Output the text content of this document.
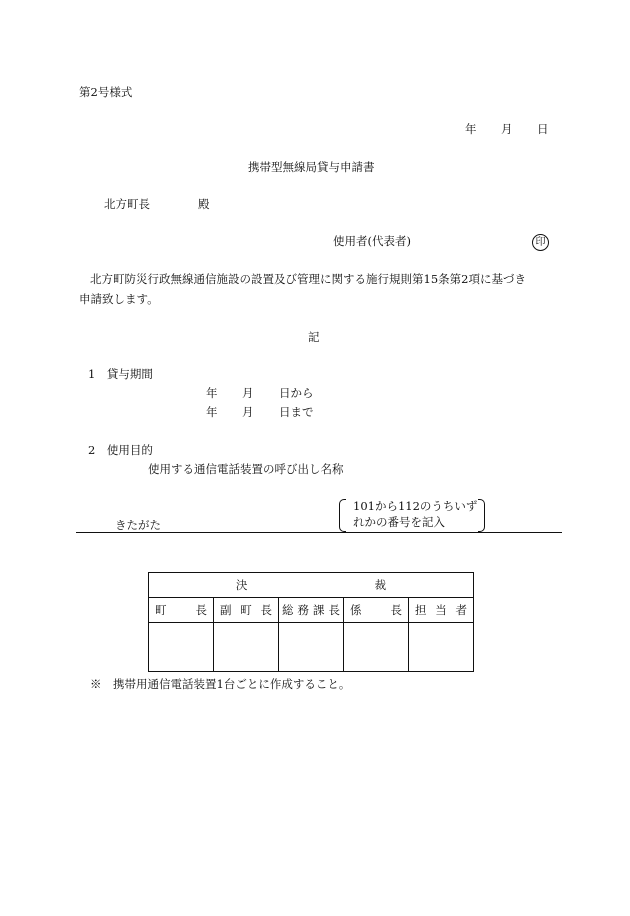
第2号様式
年 月 日
携帯型無線局貸与申請書
北方町長	殿
使用者(代表者)	印
北方町防災行政無線通信施設の設置及び管理に関する施行規則第15条第2項に基づき
申請致します。
記
1　貸与期間
年 月 日から
年 月 日まで
2　使用目的
使用する通信電話装置の呼び出し名称
101から112のうちいず
れかの番号を記入
きたがた
決 裁				

町 長	副 町 長	総 務 課 長	係 長	担 当 者

※　携帯用通信電話装置1台ごとに作成すること。
